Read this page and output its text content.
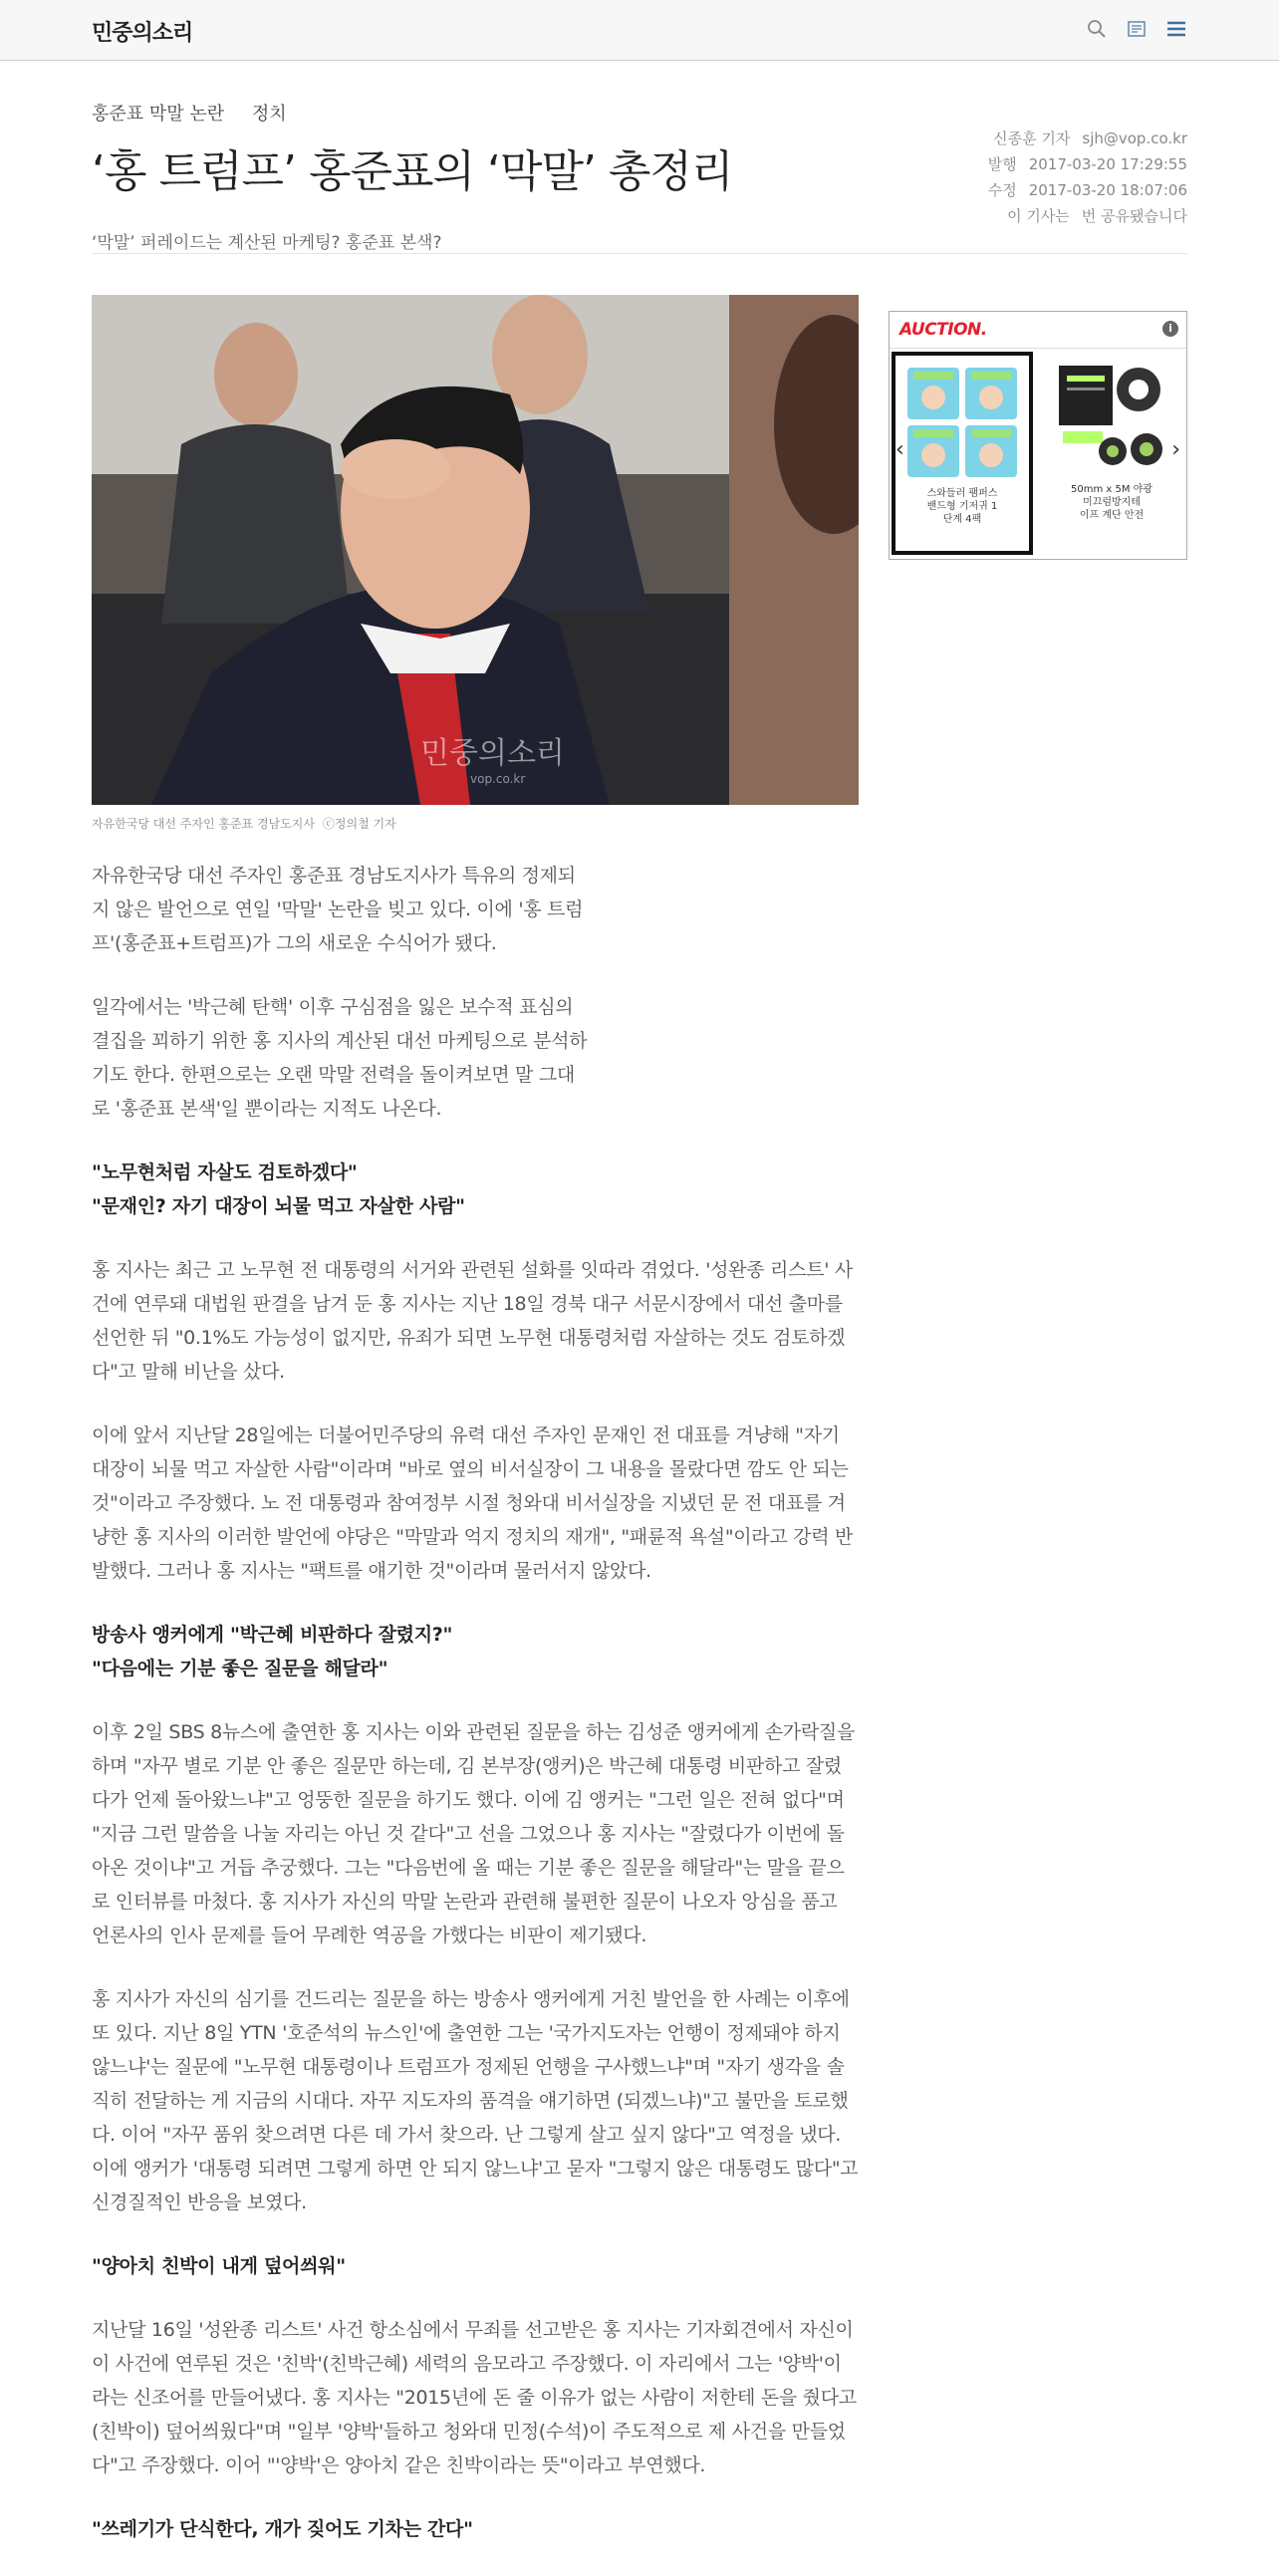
민중의소리
홍준표 막말 논란 정치
‘홍 트럼프’ 홍준표의 ‘막말’ 총정리
‘막말’ 퍼레이드는 계산된 마케팅? 홍준표 본색?
신종훈 기자 sjh@vop.co.kr
발행 2017-03-20 17:29:55
수정 2017-03-20 18:07:06
이 기사는 번 공유됐습니다
민중의소리
vop.co.kr
자유한국당 대선 주자인 홍준표 경남도지사 ⓒ정의철 기자
AUCTION.	i
스와들러 팸퍼스
밴드형 기저귀 1
단계 4팩
50mm x 5M 야광
미끄럼방지테
이프 계단 안전
‹	›

자유한국당 대선 주자인 홍준표 경남도지사가 특유의 정제되지 않은 발언으로 연일 '막말' 논란을 빚고 있다. 이에 '홍 트럼프'(홍준표+트럼프)가 그의 새로운 수식어가 됐다.

일각에서는 '박근혜 탄핵' 이후 구심점을 잃은 보수적 표심의 결집을 꾀하기 위한 홍 지사의 계산된 대선 마케팅으로 분석하기도 한다. 한편으로는 오랜 막말 전력을 돌이켜보면 말 그대로 '홍준표 본색'일 뿐이라는 지적도 나온다.

"노무현처럼 자살도 검토하겠다"
"문재인? 자기 대장이 뇌물 먹고 자살한 사람"

홍 지사는 최근 고 노무현 전 대통령의 서거와 관련된 설화를 잇따라 겪었다. '성완종 리스트' 사건에 연루돼 대법원 판결을 남겨 둔 홍 지사는 지난 18일 경북 대구 서문시장에서 대선 출마를 선언한 뒤 "0.1%도 가능성이 없지만, 유죄가 되면 노무현 대통령처럼 자살하는 것도 검토하겠다"고 말해 비난을 샀다.

이에 앞서 지난달 28일에는 더불어민주당의 유력 대선 주자인 문재인 전 대표를 겨냥해 "자기 대장이 뇌물 먹고 자살한 사람"이라며 "바로 옆의 비서실장이 그 내용을 몰랐다면 깜도 안 되는 것"이라고 주장했다. 노 전 대통령과 참여정부 시절 청와대 비서실장을 지냈던 문 전 대표를 겨냥한 홍 지사의 이러한 발언에 야당은 "막말과 억지 정치의 재개", "패륜적 욕설"이라고 강력 반발했다. 그러나 홍 지사는 "팩트를 얘기한 것"이라며 물러서지 않았다.

방송사 앵커에게 "박근혜 비판하다 잘렸지?"
"다음에는 기분 좋은 질문을 해달라"

이후 2일 SBS 8뉴스에 출연한 홍 지사는 이와 관련된 질문을 하는 김성준 앵커에게 손가락질을 하며 "자꾸 별로 기분 안 좋은 질문만 하는데, 김 본부장(앵커)은 박근혜 대통령 비판하고 잘렸다가 언제 돌아왔느냐"고 엉뚱한 질문을 하기도 했다. 이에 김 앵커는 "그런 일은 전혀 없다"며 "지금 그런 말씀을 나눌 자리는 아닌 것 같다"고 선을 그었으나 홍 지사는 "잘렸다가 이번에 돌아온 것이냐"고 거듭 추궁했다. 그는 "다음번에 올 때는 기분 좋은 질문을 해달라"는 말을 끝으로 인터뷰를 마쳤다. 홍 지사가 자신의 막말 논란과 관련해 불편한 질문이 나오자 앙심을 품고 언론사의 인사 문제를 들어 무례한 역공을 가했다는 비판이 제기됐다.

홍 지사가 자신의 심기를 건드리는 질문을 하는 방송사 앵커에게 거친 발언을 한 사례는 이후에 또 있다. 지난 8일 YTN '호준석의 뉴스인'에 출연한 그는 '국가지도자는 언행이 정제돼야 하지 않느냐'는 질문에 "노무현 대통령이나 트럼프가 정제된 언행을 구사했느냐"며 "자기 생각을 솔직히 전달하는 게 지금의 시대다. 자꾸 지도자의 품격을 얘기하면 (되겠느냐)"고 불만을 토로했다. 이어 "자꾸 품위 찾으려면 다른 데 가서 찾으라. 난 그렇게 살고 싶지 않다"고 역정을 냈다. 이에 앵커가 '대통령 되려면 그렇게 하면 안 되지 않느냐'고 묻자 "그렇지 않은 대통령도 많다"고 신경질적인 반응을 보였다.

"양아치 친박이 내게 덮어씌워"

지난달 16일 '성완종 리스트' 사건 항소심에서 무죄를 선고받은 홍 지사는 기자회견에서 자신이 이 사건에 연루된 것은 '친박'(친박근혜) 세력의 음모라고 주장했다. 이 자리에서 그는 '양박'이라는 신조어를 만들어냈다. 홍 지사는 "2015년에 돈 줄 이유가 없는 사람이 저한테 돈을 줬다고 (친박이) 덮어씌웠다"며 "일부 '양박'들하고 청와대 민정(수석)이 주도적으로 제 사건을 만들었다"고 주장했다. 이어 "'양박'은 양아치 같은 친박이라는 뜻"이라고 부연했다.

"쓰레기가 단식한다, 개가 짖어도 기차는 간다"
